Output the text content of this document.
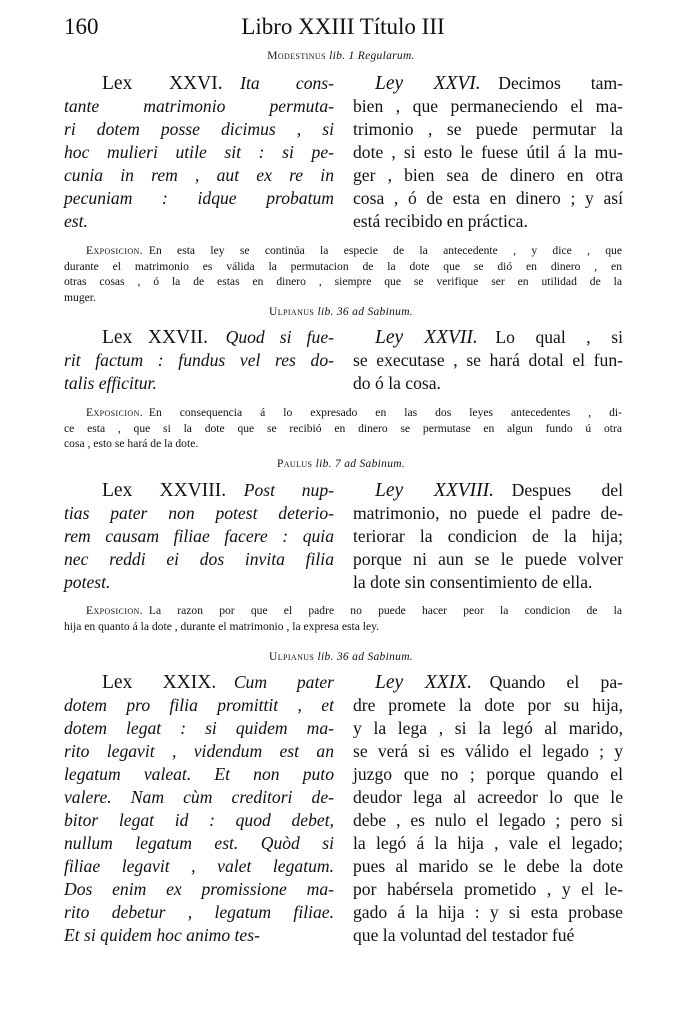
160	Libro XXIII Título III
Modestinus lib. 1 Regularum.
Lex XXVI.  Ita cons-
tante matrimonio permuta-
ri dotem posse dicimus , si
hoc mulieri utile sit : si pe-
cunia in rem , aut ex re in
pecuniam : idque probatum
est.
Ley XXVI.  Decimos tam-
bien , que permaneciendo el ma-
trimonio , se puede permutar la
dote , si esto le fuese útil á la mu-
ger , bien sea de dinero en otra
cosa , ó de esta en dinero ; y así
está recibido en práctica.
Exposicion.  En esta ley se continúa la especie de la antecedente , y dice , que
durante el matrimonio es válida la permutacion de la dote que se dió en dinero , en
otras cosas , ó la de estas en dinero , siempre que se verifique ser en utilidad de la
muger.
Ulpianus lib. 36 ad Sabinum.
Lex XXVII.  Quod si fue-
rit factum : fundus vel res do-
talis efficitur.
Ley XXVII.  Lo qual , si
se executase , se hará dotal el fun-
do ó la cosa.
Exposicion.  En consequencia á lo expresado en las dos leyes antecedentes , di-
ce esta , que si la dote que se recibió en dinero se permutase en algun fundo ú otra
cosa , esto se hará de la dote.
Paulus lib. 7 ad Sabinum.
Lex XXVIII.  Post nup-
tias pater non potest deterio-
rem causam filiae facere : quia
nec reddi ei dos invita filia
potest.
Ley XXVIII.  Despues del
matrimonio, no puede el padre de-
teriorar la condicion de la hija;
porque ni aun se le puede volver
la dote sin consentimiento de ella.
Exposicion.  La razon por que el padre no puede hacer peor la condicion de la
hija en quanto á la dote , durante el matrimonio , la expresa esta ley.
Ulpianus lib. 36 ad Sabinum.
Lex XXIX.  Cum pater
dotem pro filia promittit , et
dotem legat : si quidem ma-
rito legavit , videndum est an
legatum valeat. Et non puto
valere. Nam cùm creditori de-
bitor legat id : quod debet,
nullum legatum est. Quòd si
filiae legavit , valet legatum.
Dos enim ex promissione ma-
rito debetur , legatum filiae.
Et si quidem hoc animo tes-
Ley XXIX.  Quando el pa-
dre promete la dote por su hija,
y la lega , si la legó al marido,
se verá si es válido el legado ; y
juzgo que no ; porque quando el
deudor lega al acreedor lo que le
debe , es nulo el legado ; pero si
la legó á la hija , vale el legado;
pues al marido se le debe la dote
por habérsela prometido , y el le-
gado á la hija : y si esta probase
que la voluntad del testador fué
